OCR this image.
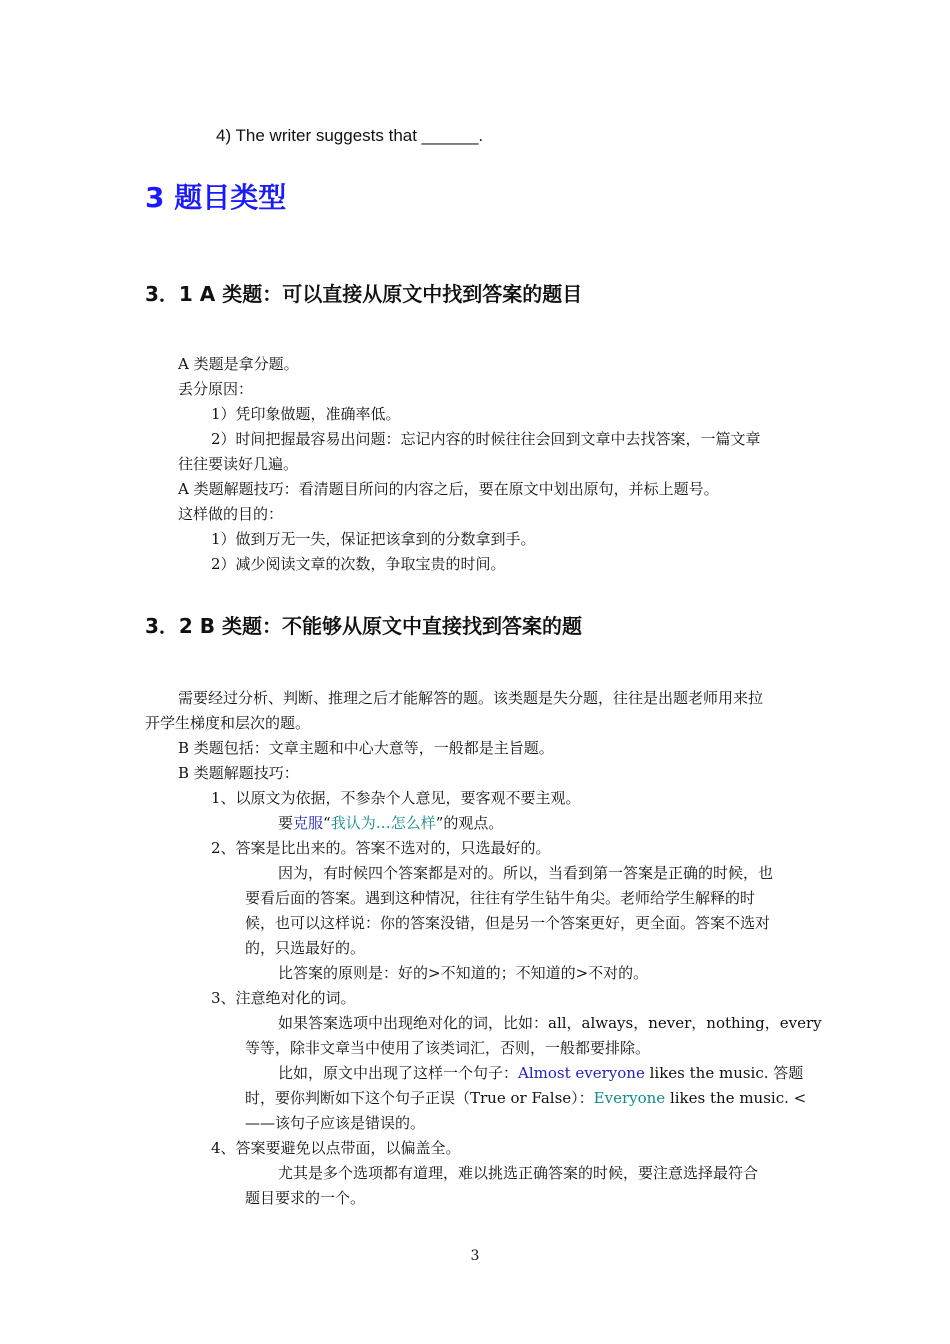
4) The writer suggests that ______.
3 题目类型
3．1 A 类题：可以直接从原文中找到答案的题目
A 类题是拿分题。
丢分原因：
1）凭印象做题，准确率低。
2）时间把握最容易出问题：忘记内容的时候往往会回到文章中去找答案，一篇文章
往往要读好几遍。
A 类题解题技巧：看清题目所问的内容之后，要在原文中划出原句，并标上题号。
这样做的目的：
1）做到万无一失，保证把该拿到的分数拿到手。
2）减少阅读文章的次数，争取宝贵的时间。
3．2 B 类题：不能够从原文中直接找到答案的题
需要经过分析、判断、推理之后才能解答的题。该类题是失分题，往往是出题老师用来拉
开学生梯度和层次的题。
B 类题包括：文章主题和中心大意等，一般都是主旨题。
B 类题解题技巧：
1、以原文为依据，不参杂个人意见，要客观不要主观。
要克服“我认为…怎么样”的观点。
2、答案是比出来的。答案不选对的，只选最好的。
因为，有时候四个答案都是对的。所以，当看到第一答案是正确的时候，也
要看后面的答案。遇到这种情况，往往有学生钻牛角尖。老师给学生解释的时
候，也可以这样说：你的答案没错，但是另一个答案更好，更全面。答案不选对
的，只选最好的。
比答案的原则是：好的>不知道的；不知道的>不对的。
3、注意绝对化的词。
如果答案选项中出现绝对化的词，比如：all，always，never，nothing，every
等等，除非文章当中使用了该类词汇，否则，一般都要排除。
比如，原文中出现了这样一个句子：Almost everyone likes the music. 答题
时，要你判断如下这个句子正误（True or False）：Everyone likes the music. <
——该句子应该是错误的。
4、答案要避免以点带面，以偏盖全。
尤其是多个选项都有道理，难以挑选正确答案的时候，要注意选择最符合
题目要求的一个。
3
